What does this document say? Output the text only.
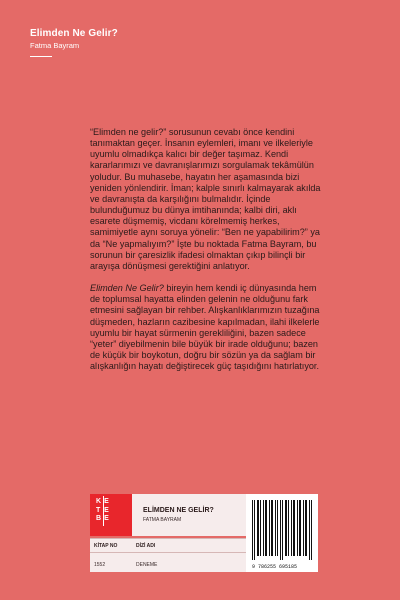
Elimden Ne Gelir?
Fatma Bayram

“Elimden ne gelir?” sorusunun cevabı önce kendini tanımaktan geçer. İnsanın eylemleri, imanı ve ilkeleriyle uyumlu olmadıkça kalıcı bir değer taşımaz. Kendi kararlarımızı ve davranışlarımızı sorgulamak tekâmülün yoludur. Bu muhasebe, hayatın her aşamasında bizi yeniden yönlendirir. İman; kalple sınırlı kalmayarak akılda ve davranışta da karşılığını bulmalıdır. İçinde bulunduğumuz bu dünya imtihanında; kalbi diri, aklı esarete düşmemiş, vicdanı körelmemiş herkes, samimiyetle aynı soruya yönelir: “Ben ne yapabilirim?” ya da “Ne yapmalıyım?” İşte bu noktada Fatma Bayram, bu sorunun bir çaresizlik ifadesi olmaktan çıkıp bilinçli bir arayışa dönüşmesi gerektiğini anlatıyor.

Elimden Ne Gelir? bireyin hem kendi iç dünyasında hem de toplumsal hayatta elinden gelenin ne olduğunu fark etmesini sağlayan bir rehber. Alışkanlıklarımızın tuzağına düşmeden, hazların cazibesine kapılmadan, ilahi ilkelerle uyumlu bir hayat sürmenin gerekliliğini, bazen sadece “yeter” diyebilmenin bile büyük bir irade olduğunu; bazen de küçük bir boykotun, doğru bir sözün ya da sağlam bir alışkanlığın hayatı değiştirecek güç taşıdığını hatırlatıyor.

K
T
B
E
E
E
ELİMDEN NE GELİR?
FATMA BAYRAM
KİTAP NO	DİZİ ADI
1552	DENEME	9 786255 695185
